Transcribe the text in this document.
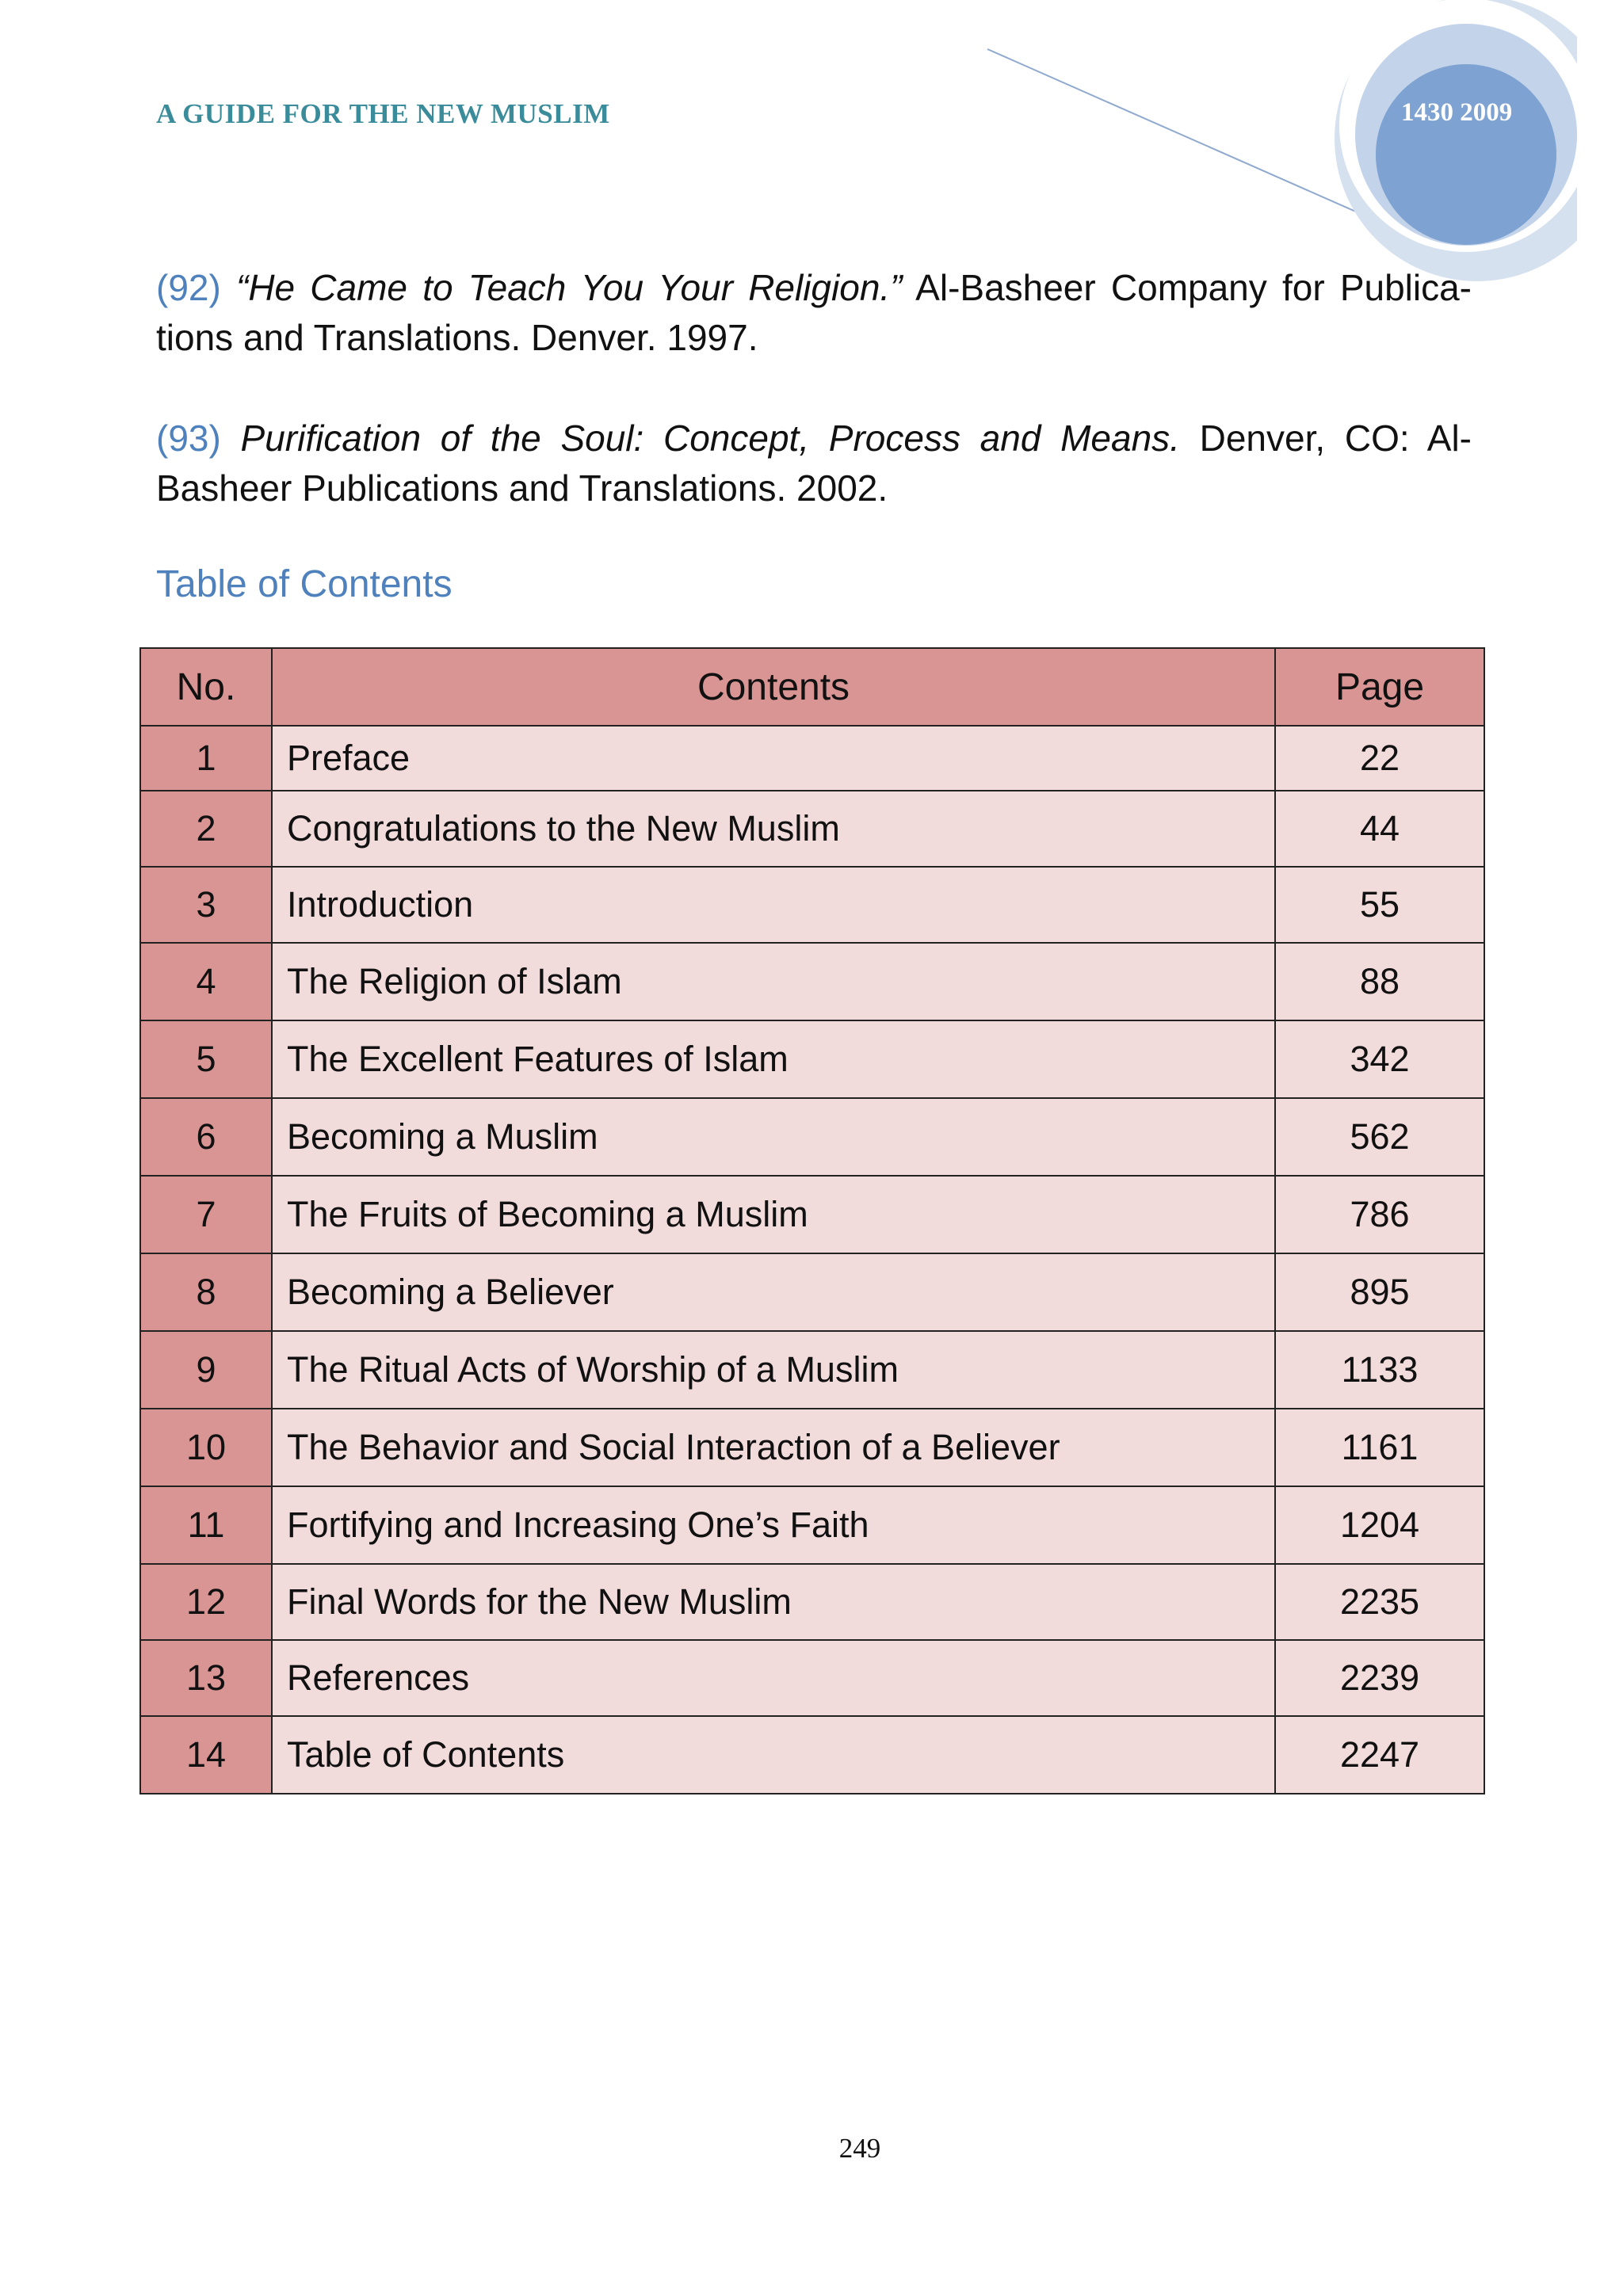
A GUIDE FOR THE NEW MUSLIM	1430 2009

(92) “He Came to Teach You Your Religion.” Al-Basheer Company for Publica-tions and Translations. Denver. 1997.

(93) Purification of the Soul: Concept, Process and Means. Denver, CO: Al-Basheer Publications and Translations. 2002.

Table of Contents
No.	Contents	Page
1	Preface	22
2	Congratulations to the New Muslim	44
3	Introduction	55
4	The Religion of Islam	88
5	The Excellent Features of Islam	342
6	Becoming a Muslim	562
7	The Fruits of Becoming a Muslim	786
8	Becoming a Believer	895
9	The Ritual Acts of Worship of a Muslim	1133
10	The Behavior and Social Interaction of a Believer	1161
11	Fortifying and Increasing One’s Faith	1204
12	Final Words for the New Muslim	2235
13	References	2239
14	Table of Contents	2247
249
